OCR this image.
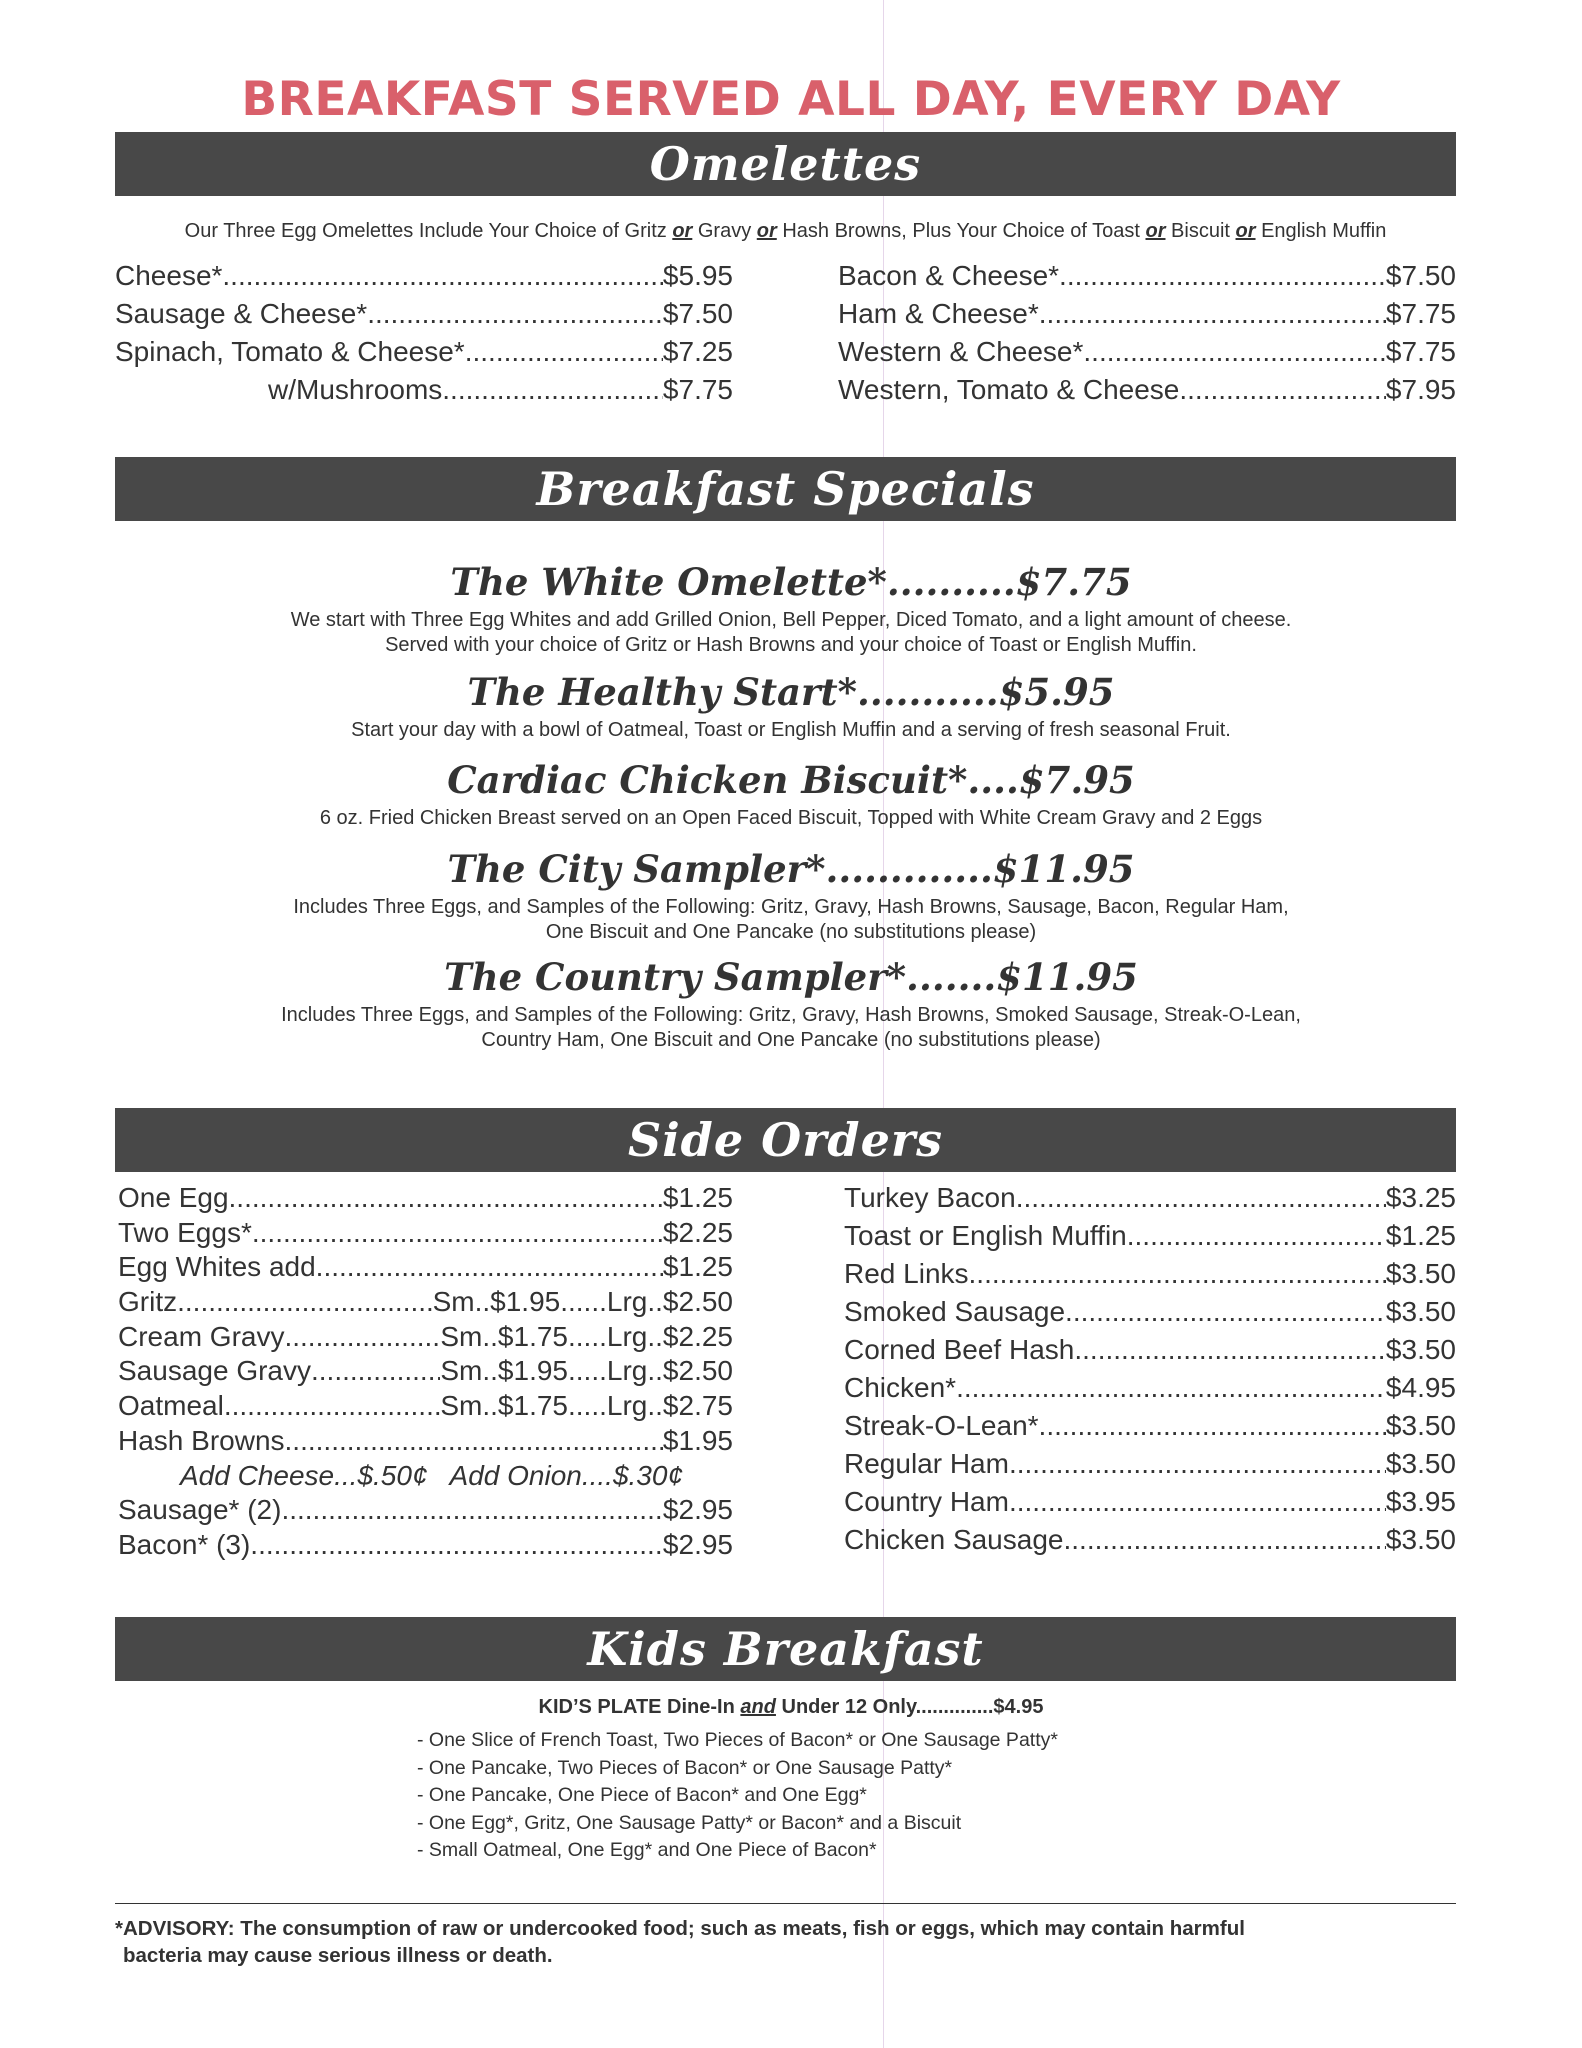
BREAKFAST SERVED ALL DAY, EVERY DAY
Omelettes
Our Three Egg Omelettes Include Your Choice of Gritz or Gravy or Hash Browns, Plus Your Choice of Toast or Biscuit or English Muffin
Cheese* .....	$5.95
Sausage & Cheese* .....	$7.50
Spinach, Tomato & Cheese* .....	$7.25
w/Mushrooms .....	$7.75
Bacon & Cheese* .....	$7.50
Ham & Cheese* .....	$7.75
Western & Cheese* .....	$7.75
Western, Tomato & Cheese .....	$7.95
Breakfast Specials
The White Omelette*..........$7.75

We start with Three Egg Whites and add Grilled Onion, Bell Pepper, Diced Tomato, and a light amount of cheese.

Served with your choice of Gritz or Hash Browns and your choice of Toast or English Muffin.

The Healthy Start*...........$5.95

Start your day with a bowl of Oatmeal, Toast or English Muffin and a serving of fresh seasonal Fruit.

Cardiac Chicken Biscuit*....$7.95

6 oz. Fried Chicken Breast served on an Open Faced Biscuit, Topped with White Cream Gravy and 2 Eggs

The City Sampler*.............$11.95

Includes Three Eggs, and Samples of the Following: Gritz, Gravy, Hash Browns, Sausage, Bacon, Regular Ham,

One Biscuit and One Pancake (no substitutions please)

The Country Sampler*.......$11.95

Includes Three Eggs, and Samples of the Following: Gritz, Gravy, Hash Browns, Smoked Sausage, Streak-O-Lean,

Country Ham, One Biscuit and One Pancake (no substitutions please)

Side Orders
One Egg .....	$1.25
Two Eggs* .....	$2.25
Egg Whites add .....	$1.25
Gritz .....	Sm..$1.95......Lrg..$2.50
Cream Gravy .....	Sm..$1.75.....Lrg..$2.25
Sausage Gravy .....	Sm..$1.95.....Lrg..$2.50
Oatmeal .....	Sm..$1.75.....Lrg..$2.75
Hash Browns .....	$1.95
Add Cheese...$.50¢ Add Onion....$.30¢
Sausage* (2) .....	$2.95
Bacon* (3) .....	$2.95
Turkey Bacon .....	$3.25
Toast or English Muffin .....	$1.25
Red Links .....	$3.50
Smoked Sausage .....	$3.50
Corned Beef Hash .....	$3.50
Chicken* .....	$4.95
Streak-O-Lean* .....	$3.50
Regular Ham .....	$3.50
Country Ham .....	$3.95
Chicken Sausage .....	$3.50
Kids Breakfast
KID’S PLATE Dine-In and Under 12 Only..............$4.95
- One Slice of French Toast, Two Pieces of Bacon* or One Sausage Patty*
- One Pancake, Two Pieces of Bacon* or One Sausage Patty*
- One Pancake, One Piece of Bacon* and One Egg*
- One Egg*, Gritz, One Sausage Patty* or Bacon* and a Biscuit
- Small Oatmeal, One Egg* and One Piece of Bacon*
*ADVISORY: The consumption of raw or undercooked food; such as meats, fish or eggs, which may contain harmful
bacteria may cause serious illness or death.
